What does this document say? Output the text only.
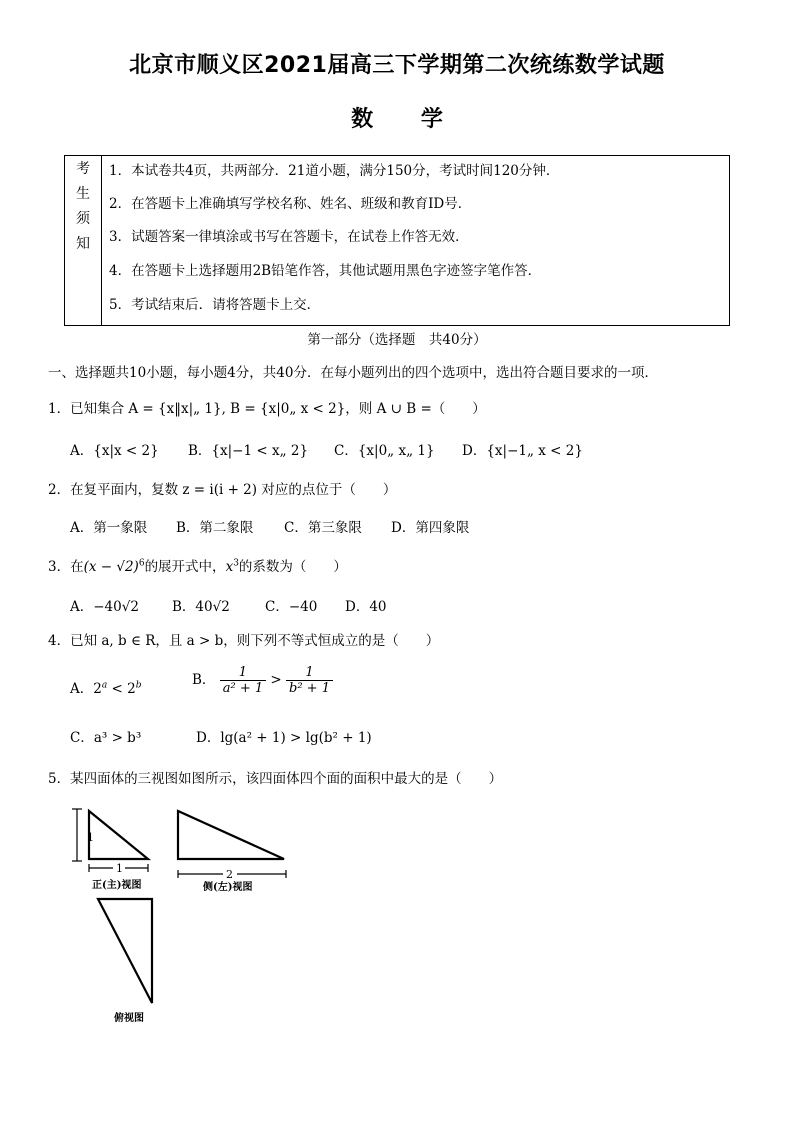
北京市顺义区2021届高三下学期第二次统练数学试题
数 学
考
生
须
知
1．本试卷共4页，共两部分．21道小题，满分150分，考试时间120分钟．
2．在答题卡上准确填写学校名称、姓名、班级和教育ID号．
3．试题答案一律填涂或书写在答题卡，在试卷上作答无效．
4．在答题卡上选择题用2B铅笔作答，其他试题用黑色字迹签字笔作答．
5．考试结束后．请将答题卡上交．
第一部分（选择题　共40分）
一、选择题共10小题，每小题4分，共40分．在每小题列出的四个选项中，选出符合题目要求的一项．
1．已知集合 A = {x‖x|„ 1}, B = {x|0„ x < 2}，则 A ∪ B =（　　）
A．{x|x < 2} B．{x|−1 < x„ 2} C．{x|0„ x„ 1} D．{x|−1„ x < 2}
2．在复平面内，复数 z = i(i + 2) 对应的点位于（　　）
A．第一象限 B．第二象限 C．第三象限 D．第四象限
3．在$(x - √2)^6$的展开式中，$x^3$的系数为（　　）
A．−40√2 B．40√2	C．−40 D．40
4．已知 a, b ∈ R，且 a > b，则下列不等式恒成立的是（　　）
A．$2^a < 2^b$	B． $\frac{1}{\text{a² + 1}} > \frac{1}{\text{b² + 1}}$
C．a³ > b³	D．lg(a² + 1) > lg(b² + 1)
5．某四面体的三视图如图所示，该四面体四个面的面积中最大的是（　　）
1
1
正(主)视图
2
侧(左)视图
俯视图
